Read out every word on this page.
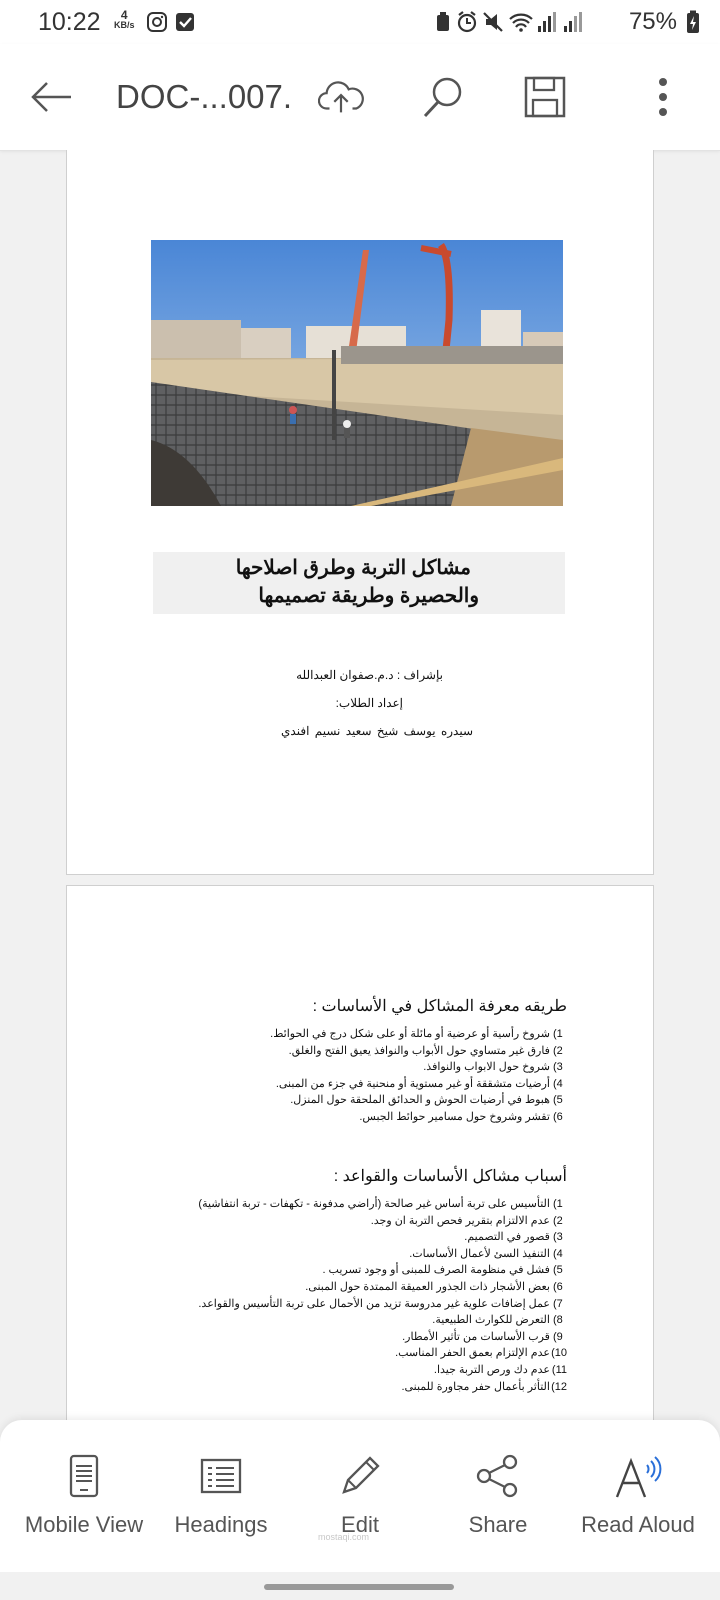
10:22	4
KB/s	75%
DOC-...007.
مشاكل التربة وطرق اصلاحها
والحصيرة وطريقة تصميمها
بإشراف : د.م.صفوان العبدالله
إعداد الطلاب:
سيدره يوسف شيخ سعيد نسيم افندي
طريقه معرفة المشاكل في الأساسات :
1) شروخ رأسية أو عرضية أو مائلة أو على شكل درج في الحوائط.
2) فارق غير متساوي حول الأبواب والنوافذ يعيق الفتح والغلق.
3) شروخ حول الابواب والنوافذ.
4) أرضيات متشققة أو غير مستوية أو منحنية في جزء من المبنى.
5) هبوط في أرضيات الحوش و الحدائق الملحقة حول المنزل.
6) تقشر وشروخ حول مسامير حوائط الجبس.
أسباب مشاكل الأساسات والقواعد :
1) التأسيس على تربة أساس غير صالحة (أراضي مدفونة - تكهفات - تربة انتفاشية)
2) عدم الالتزام بتقرير فحص التربة ان وجد.
3) قصور في التصميم.
4) التنفيذ السئ لأعمال الأساسات.
5) فشل في منظومة الصرف للمبنى أو وجود تسريب .
6) بعض الأشجار ذات الجذور العميقة الممتدة حول المبنى.
7) عمل إضافات علوية غير مدروسة تزيد من الأحمال على تربة التأسيس والقواعد.
8) التعرض للكوارث الطبيعية.
9) قرب الأساسات من تأثير الأمطار.
10) عدم الإلتزام بعمق الحفر المناسب.
11) عدم دك ورص التربة جيدا.
12) التأثر بأعمال حفر مجاورة للمبنى.
Mobile View	Headings	Edit	Share	Read Aloud
mostaqi.com
